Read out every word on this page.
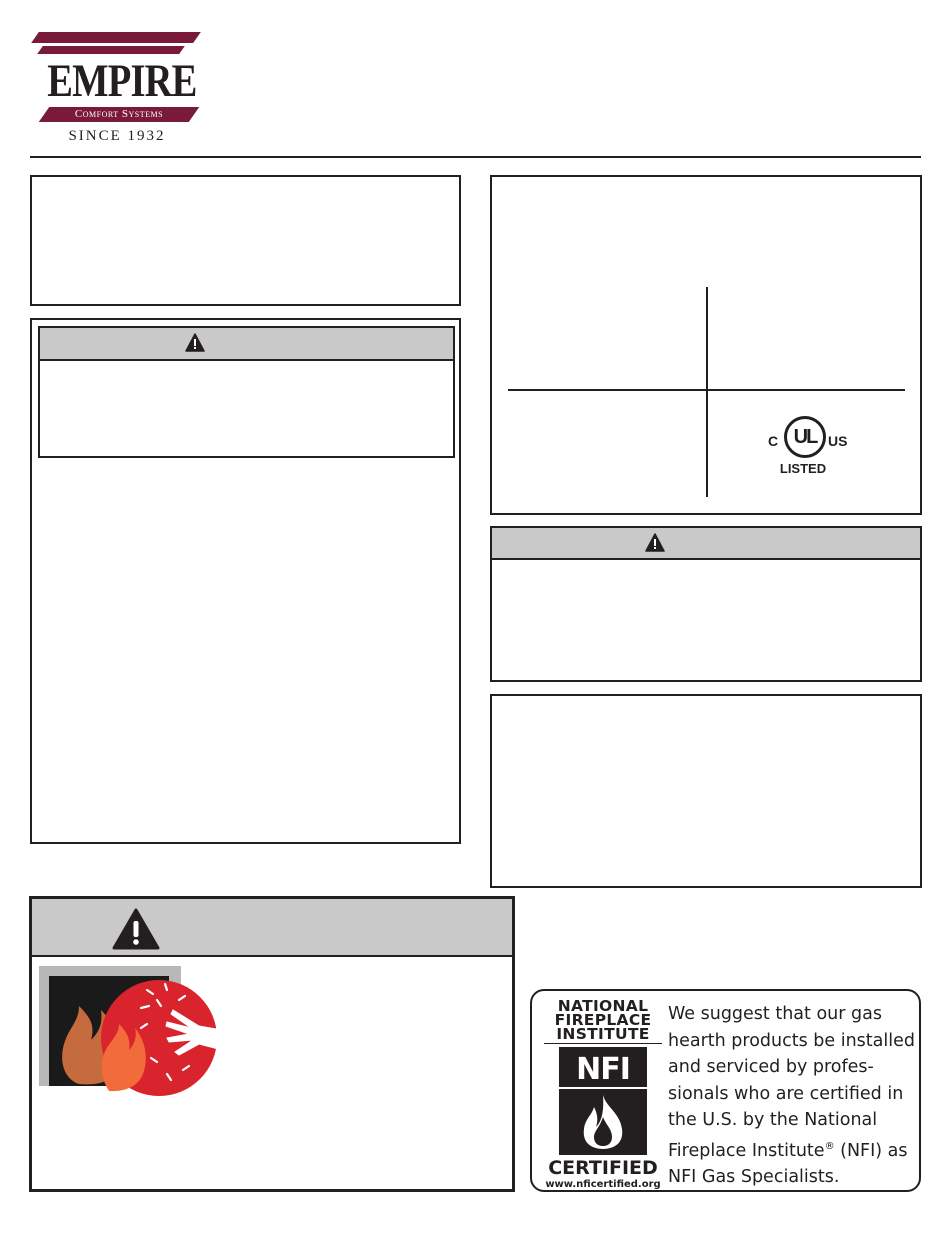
EMPIRE
Comfort Systems
SINCE 1932
C UL US
LISTED
NATIONAL
FIREPLACE
INSTITUTE
NFI
CERTIFIED
www.nficertified.org
We suggest that our gas
hearth products be installed
and serviced by profes-
sionals who are certified in
the U.S. by the National
Fireplace Institute® (NFI) as
NFI Gas Specialists.
